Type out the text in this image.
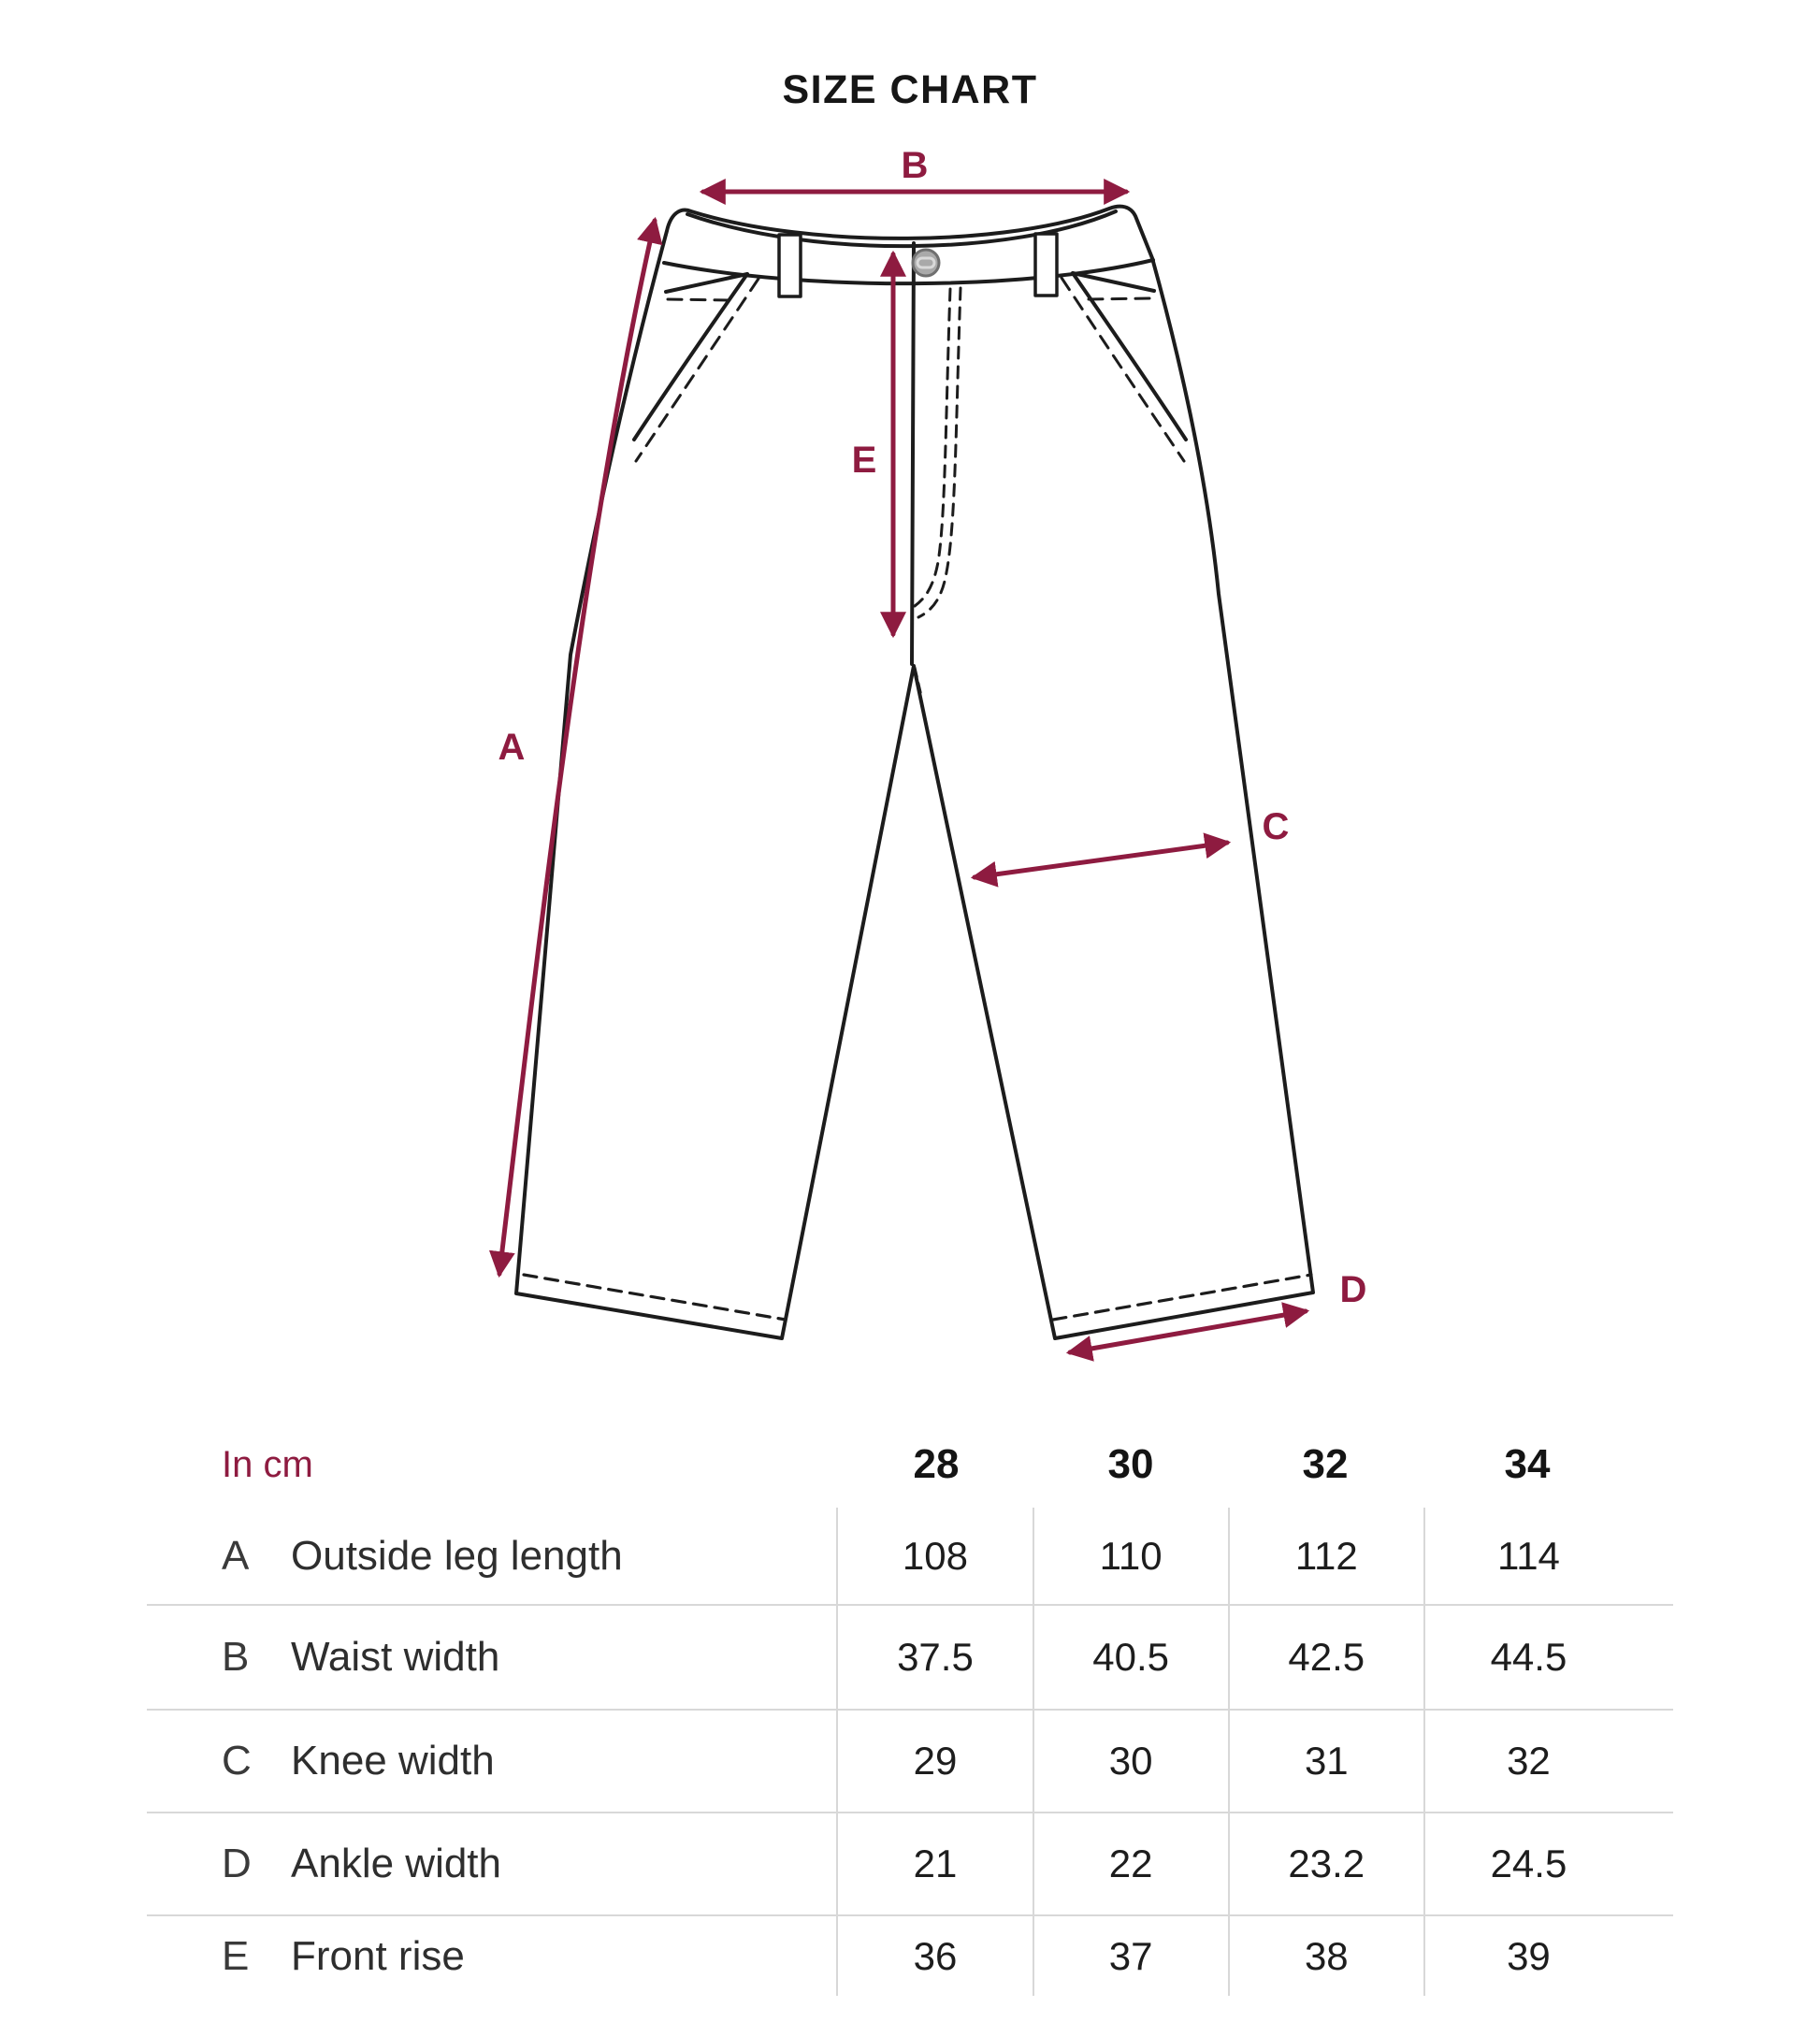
SIZE CHART
A
B
C
D
E
In cm	28	30	32	34
A	Outside leg length	108	110	112	114
B	Waist width	37.5	40.5	42.5	44.5
C Knee width	29	30	31	32
D Ankle width	21	22	23.2	24.5
E	Front rise	36	37	38	39
